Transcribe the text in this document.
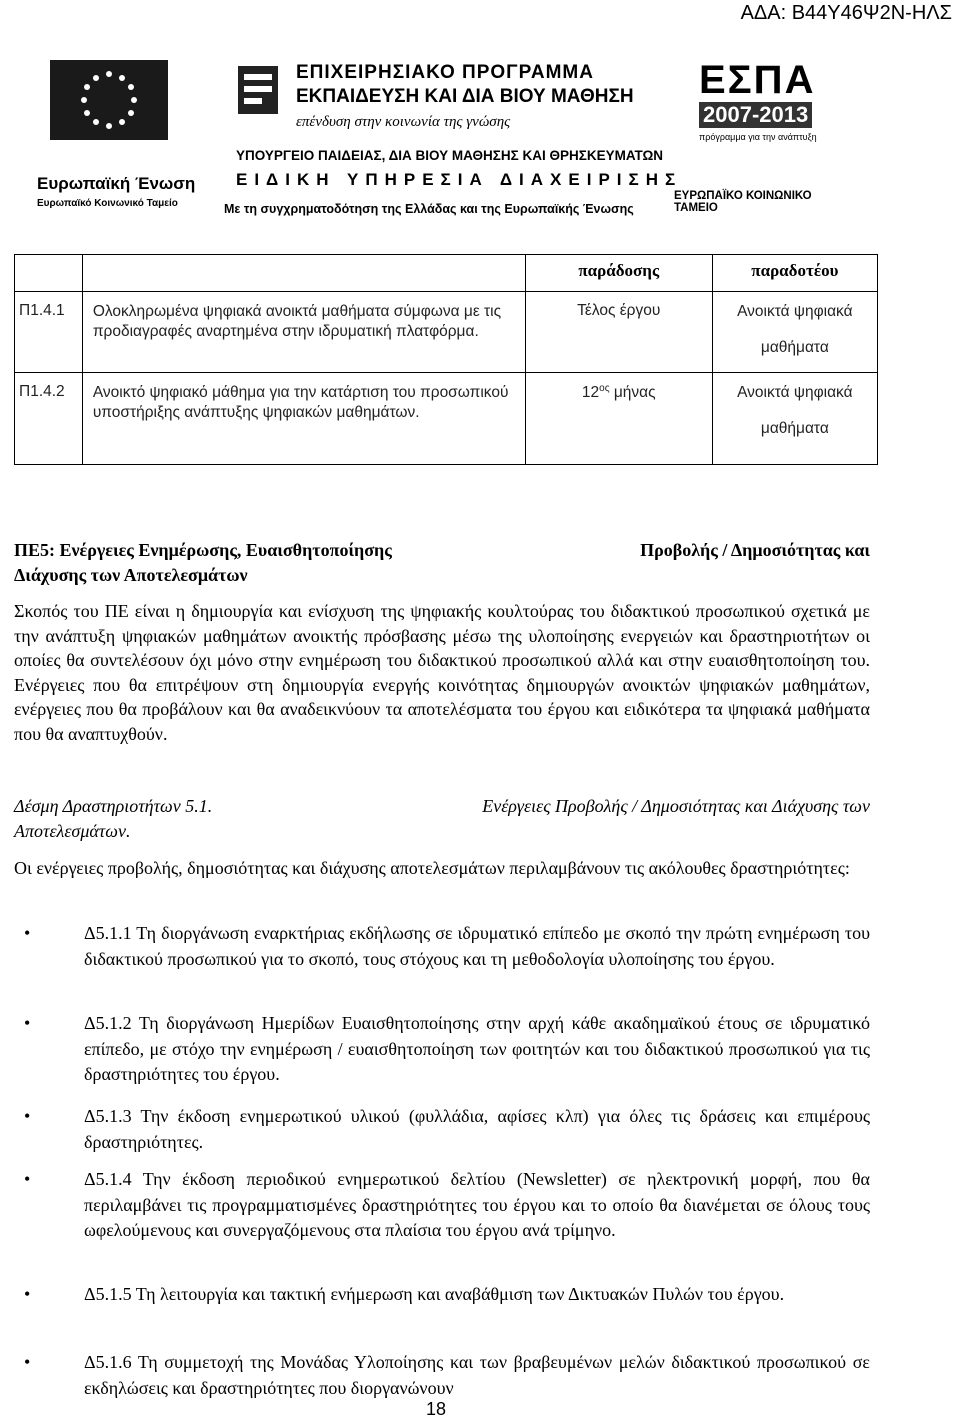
ΑΔΑ: Β44Υ46Ψ2Ν-ΗΛΣ
Ευρωπαϊκή Ένωση
Ευρωπαϊκό Κοινωνικό Ταμείο
ΕΠΙΧΕΙΡΗΣΙΑΚΟ ΠΡΟΓΡΑΜΜΑ
ΕΚΠΑΙΔΕΥΣΗ ΚΑΙ ΔΙΑ ΒΙΟΥ ΜΑΘΗΣΗ
επένδυση στην κοινωνία της γνώσης
ΥΠΟΥΡΓΕΙΟ ΠΑΙΔΕΙΑΣ, ΔΙΑ ΒΙΟΥ ΜΑΘΗΣΗΣ ΚΑΙ ΘΡΗΣΚΕΥΜΑΤΩΝ
ΕΙΔΙΚΗ ΥΠΗΡΕΣΙΑ ΔΙΑΧΕΙΡΙΣΗΣ
Με τη συγχρηματοδότηση της Ελλάδας και της Ευρωπαϊκής Ένωσης
ΕΣΠΑ
2007-2013
πρόγραμμα για την ανάπτυξη
ΕΥΡΩΠΑΪΚΟ ΚΟΙΝΩΝΙΚΟ ΤΑΜΕΙΟ

		παράδοσης	παραδοτέου

Π1.4.1	Ολοκληρωμένα ψηφιακά ανοικτά μαθήματα σύμφωνα με τις προδιαγραφές αναρτημένα στην ιδρυματική πλατφόρμα.	Τέλος έργου	Ανοικτά ψηφιακά
μαθήματα

Π1.4.2	Ανοικτό ψηφιακό μάθημα για την κατάρτιση του προσωπικού υποστήριξης ανάπτυξης ψηφιακών μαθημάτων.	$12^{o\varsigma}$ μήνας	Ανοικτά ψηφιακά
μαθήματα
ΠΕ5: Ενέργειες Ενημέρωσης, Ευαισθητοποίησης	Προβολής / Δημοσιότητας και
Διάχυσης των Αποτελεσμάτων
Σκοπός του ΠΕ είναι η δημιουργία και ενίσχυση της ψηφιακής κουλτούρας του διδακτικού προσωπικού σχετικά με την ανάπτυξη ψηφιακών μαθημάτων ανοικτής πρόσβασης μέσω της υλοποίησης ενεργειών και δραστηριοτήτων οι οποίες θα συντελέσουν όχι μόνο στην ενημέρωση του διδακτικού προσωπικού αλλά και στην ευαισθητοποίηση του. Ενέργειες που θα επιτρέψουν στη δημιουργία ενεργής κοινότητας δημιουργών ανοικτών ψηφιακών μαθημάτων, ενέργειες που θα προβάλουν και θα αναδεικνύουν τα αποτελέσματα του έργου και ειδικότερα τα ψηφιακά μαθήματα που θα αναπτυχθούν.
Δέσμη Δραστηριοτήτων 5.1.	Ενέργειες Προβολής / Δημοσιότητας και Διάχυσης των
Αποτελεσμάτων.
Οι ενέργειες προβολής, δημοσιότητας και διάχυσης αποτελεσμάτων περιλαμβάνουν τις ακόλουθες δραστηριότητες:
•	Δ5.1.1 Τη διοργάνωση εναρκτήριας εκδήλωσης σε ιδρυματικό επίπεδο με σκοπό την πρώτη ενημέρωση του διδακτικού προσωπικού για το σκοπό, τους στόχους και τη μεθοδολογία υλοποίησης του έργου.
•	Δ5.1.2 Τη διοργάνωση Ημερίδων Ευαισθητοποίησης στην αρχή κάθε ακαδημαϊκού έτους σε ιδρυματικό επίπεδο, με στόχο την ενημέρωση / ευαισθητοποίηση των φοιτητών και του διδακτικού προσωπικού για τις δραστηριότητες του έργου.
•	Δ5.1.3 Την έκδοση ενημερωτικού υλικού (φυλλάδια, αφίσες κλπ) για όλες τις δράσεις και επιμέρους δραστηριότητες.
•	Δ5.1.4 Την έκδοση περιοδικού ενημερωτικού δελτίου (Newsletter) σε ηλεκτρονική μορφή, που θα περιλαμβάνει τις προγραμματισμένες δραστηριότητες του έργου και το οποίο θα διανέμεται σε όλους τους ωφελούμενους και συνεργαζόμενους στα πλαίσια του έργου ανά τρίμηνο.
•	Δ5.1.5 Τη λειτουργία και τακτική ενήμερωση και αναβάθμιση των Δικτυακών Πυλών του έργου.
•	Δ5.1.6 Τη συμμετοχή της Μονάδας Υλοποίησης και των βραβευμένων μελών διδακτικού προσωπικού σε εκδηλώσεις και δραστηριότητες που διοργανώνουν
18
